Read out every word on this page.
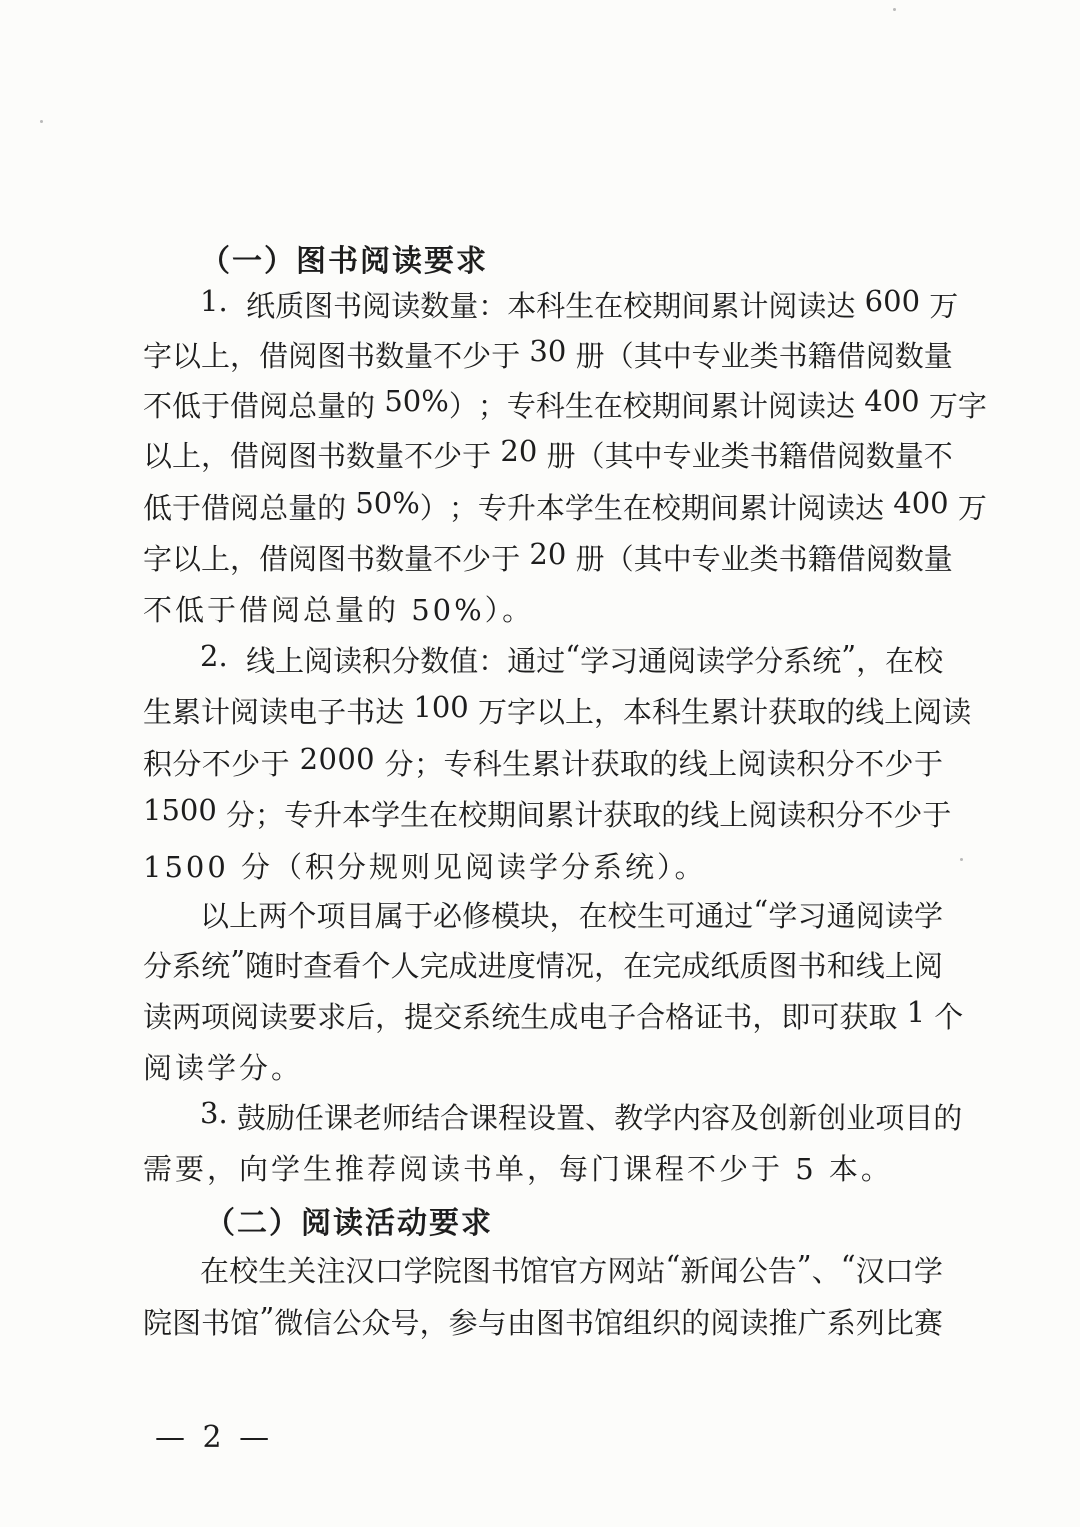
（一）图书阅读要求
1 .

纸 质 图 书 阅 读 数 量 ： 本 科 生 在 校 期 间 累 计 阅 读 达
6 0 0
万
字 以 上 ， 借 阅 图 书 数 量 不 少 于
3 0
册 （ 其 中 专 业 类 书 籍 借 阅 数 量
不 低 于 借 阅 总 量 的
5 0 % ） ； 专 科 生 在 校 期 间 累 计 阅 读 达
4 0 0
万 字
以 上 ， 借 阅 图 书 数 量 不 少 于
2 0
册 （ 其 中 专 业 类 书 籍 借 阅 数 量 不
低 于 借 阅 总 量 的
5 0 % ） ； 专 升 本 学 生 在 校 期 间 累 计 阅 读 达
4 0 0
万
字 以 上 ， 借 阅 图 书 数 量 不 少 于
2 0
册 （ 其 中 专 业 类 书 籍 借 阅 数 量
不低于借阅总量的 50%）。
2 .

线 上 阅 读 积 分 数 值 ： 通 过 “ 学 习 通 阅 读 学 分 系 统 ” ， 在 校
生 累 计 阅 读 电 子 书 达
1 0 0
万 字 以 上 ， 本 科 生 累 计 获 取 的 线 上 阅 读
积 分 不 少 于
2 0 0 0
分 ； 专 科 生 累 计 获 取 的 线 上 阅 读 积 分 不 少 于
1 5 0 0
分 ； 专 升 本 学 生 在 校 期 间 累 计 获 取 的 线 上 阅 读 积 分 不 少 于
1500 分（积分规则见阅读学分系统）。
以 上 两 个 项 目 属 于 必 修 模 块 ， 在 校 生 可 通 过 “ 学 习 通 阅 读 学
分 系 统 ” 随 时 查 看 个 人 完 成 进 度 情 况 ， 在 完 成 纸 质 图 书 和 线 上 阅
读 两 项 阅 读 要 求 后 ， 提 交 系 统 生 成 电 子 合 格 证 书 ， 即 可 获 取
1
个
阅读学分。
3 .
鼓 励 任 课 老 师 结 合 课 程 设 置 、 教 学 内 容 及 创 新 创 业 项 目 的
需要，向学生推荐阅读书单，每门课程不少于 5 本。
（二）阅读活动要求
在 校 生 关 注 汉 口 学 院 图 书 馆 官 方 网 站 “ 新 闻 公 告 ” 、 “ 汉 口 学
院 图 书 馆 ” 微 信 公 众 号 ， 参 与 由 图 书 馆 组 织 的 阅 读 推 广 系 列 比 赛
— 2 —
